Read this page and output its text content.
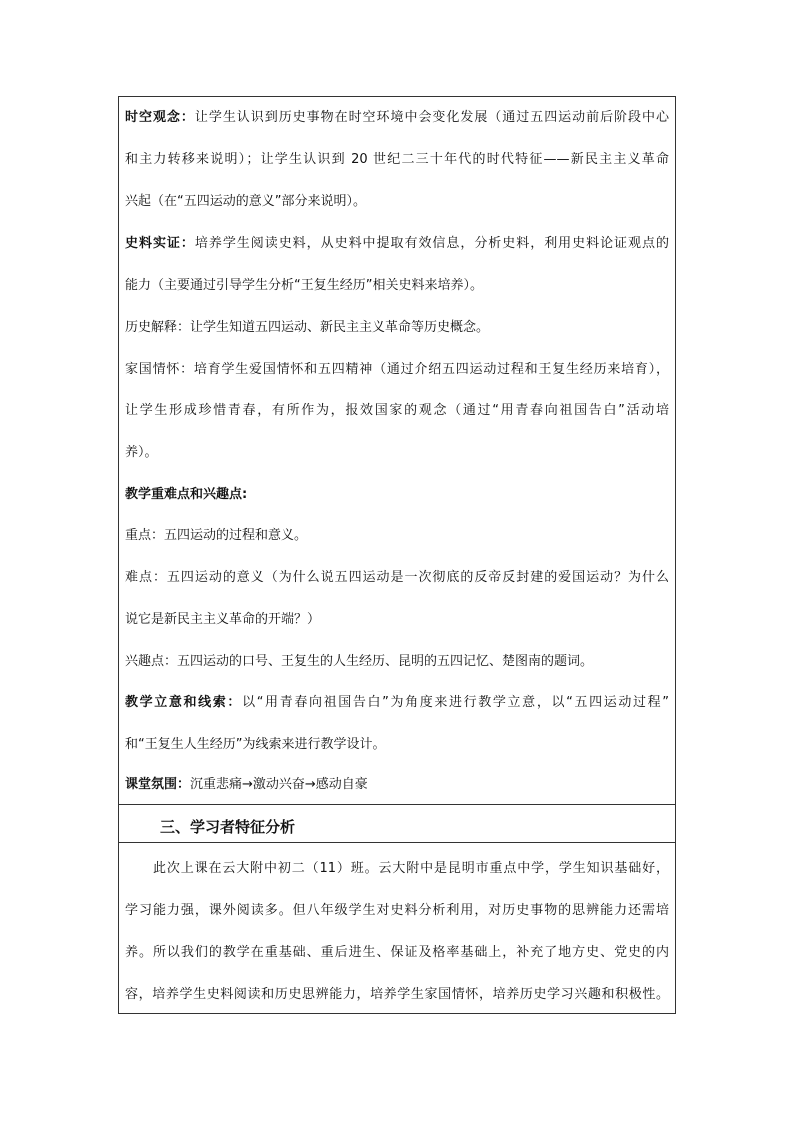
时空观念：让学生认识到历史事物在时空环境中会变化发展（通过五四运动前后阶段中心
和主力转移来说明）；让学生认识到 20 世纪二三十年代的时代特征——新民主主义革命
兴起（在“五四运动的意义”部分来说明）。
史料实证：培养学生阅读史料，从史料中提取有效信息，分析史料，利用史料论证观点的
能力（主要通过引导学生分析“王复生经历”相关史料来培养）。
历史解释：让学生知道五四运动、新民主主义革命等历史概念。
家国情怀：培育学生爱国情怀和五四精神（通过介绍五四运动过程和王复生经历来培育），
让学生形成珍惜青春，有所作为，报效国家的观念（通过“用青春向祖国告白”活动培
养）。
教学重难点和兴趣点:
重点：五四运动的过程和意义。
难点：五四运动的意义（为什么说五四运动是一次彻底的反帝反封建的爱国运动？为什么
说它是新民主主义革命的开端？）
兴趣点：五四运动的口号、王复生的人生经历、昆明的五四记忆、楚图南的题词。
教学立意和线索：以“用青春向祖国告白”为角度来进行教学立意，以“五四运动过程”
和“王复生人生经历”为线索来进行教学设计。
课堂氛围：沉重悲痛→激动兴奋→感动自豪
三、学习者特征分析
此次上课在云大附中初二（11）班。云大附中是昆明市重点中学，学生知识基础好，
学习能力强，课外阅读多。但八年级学生对史料分析利用，对历史事物的思辨能力还需培
养。所以我们的教学在重基础、重后进生、保证及格率基础上，补充了地方史、党史的内
容，培养学生史料阅读和历史思辨能力，培养学生家国情怀，培养历史学习兴趣和积极性。
